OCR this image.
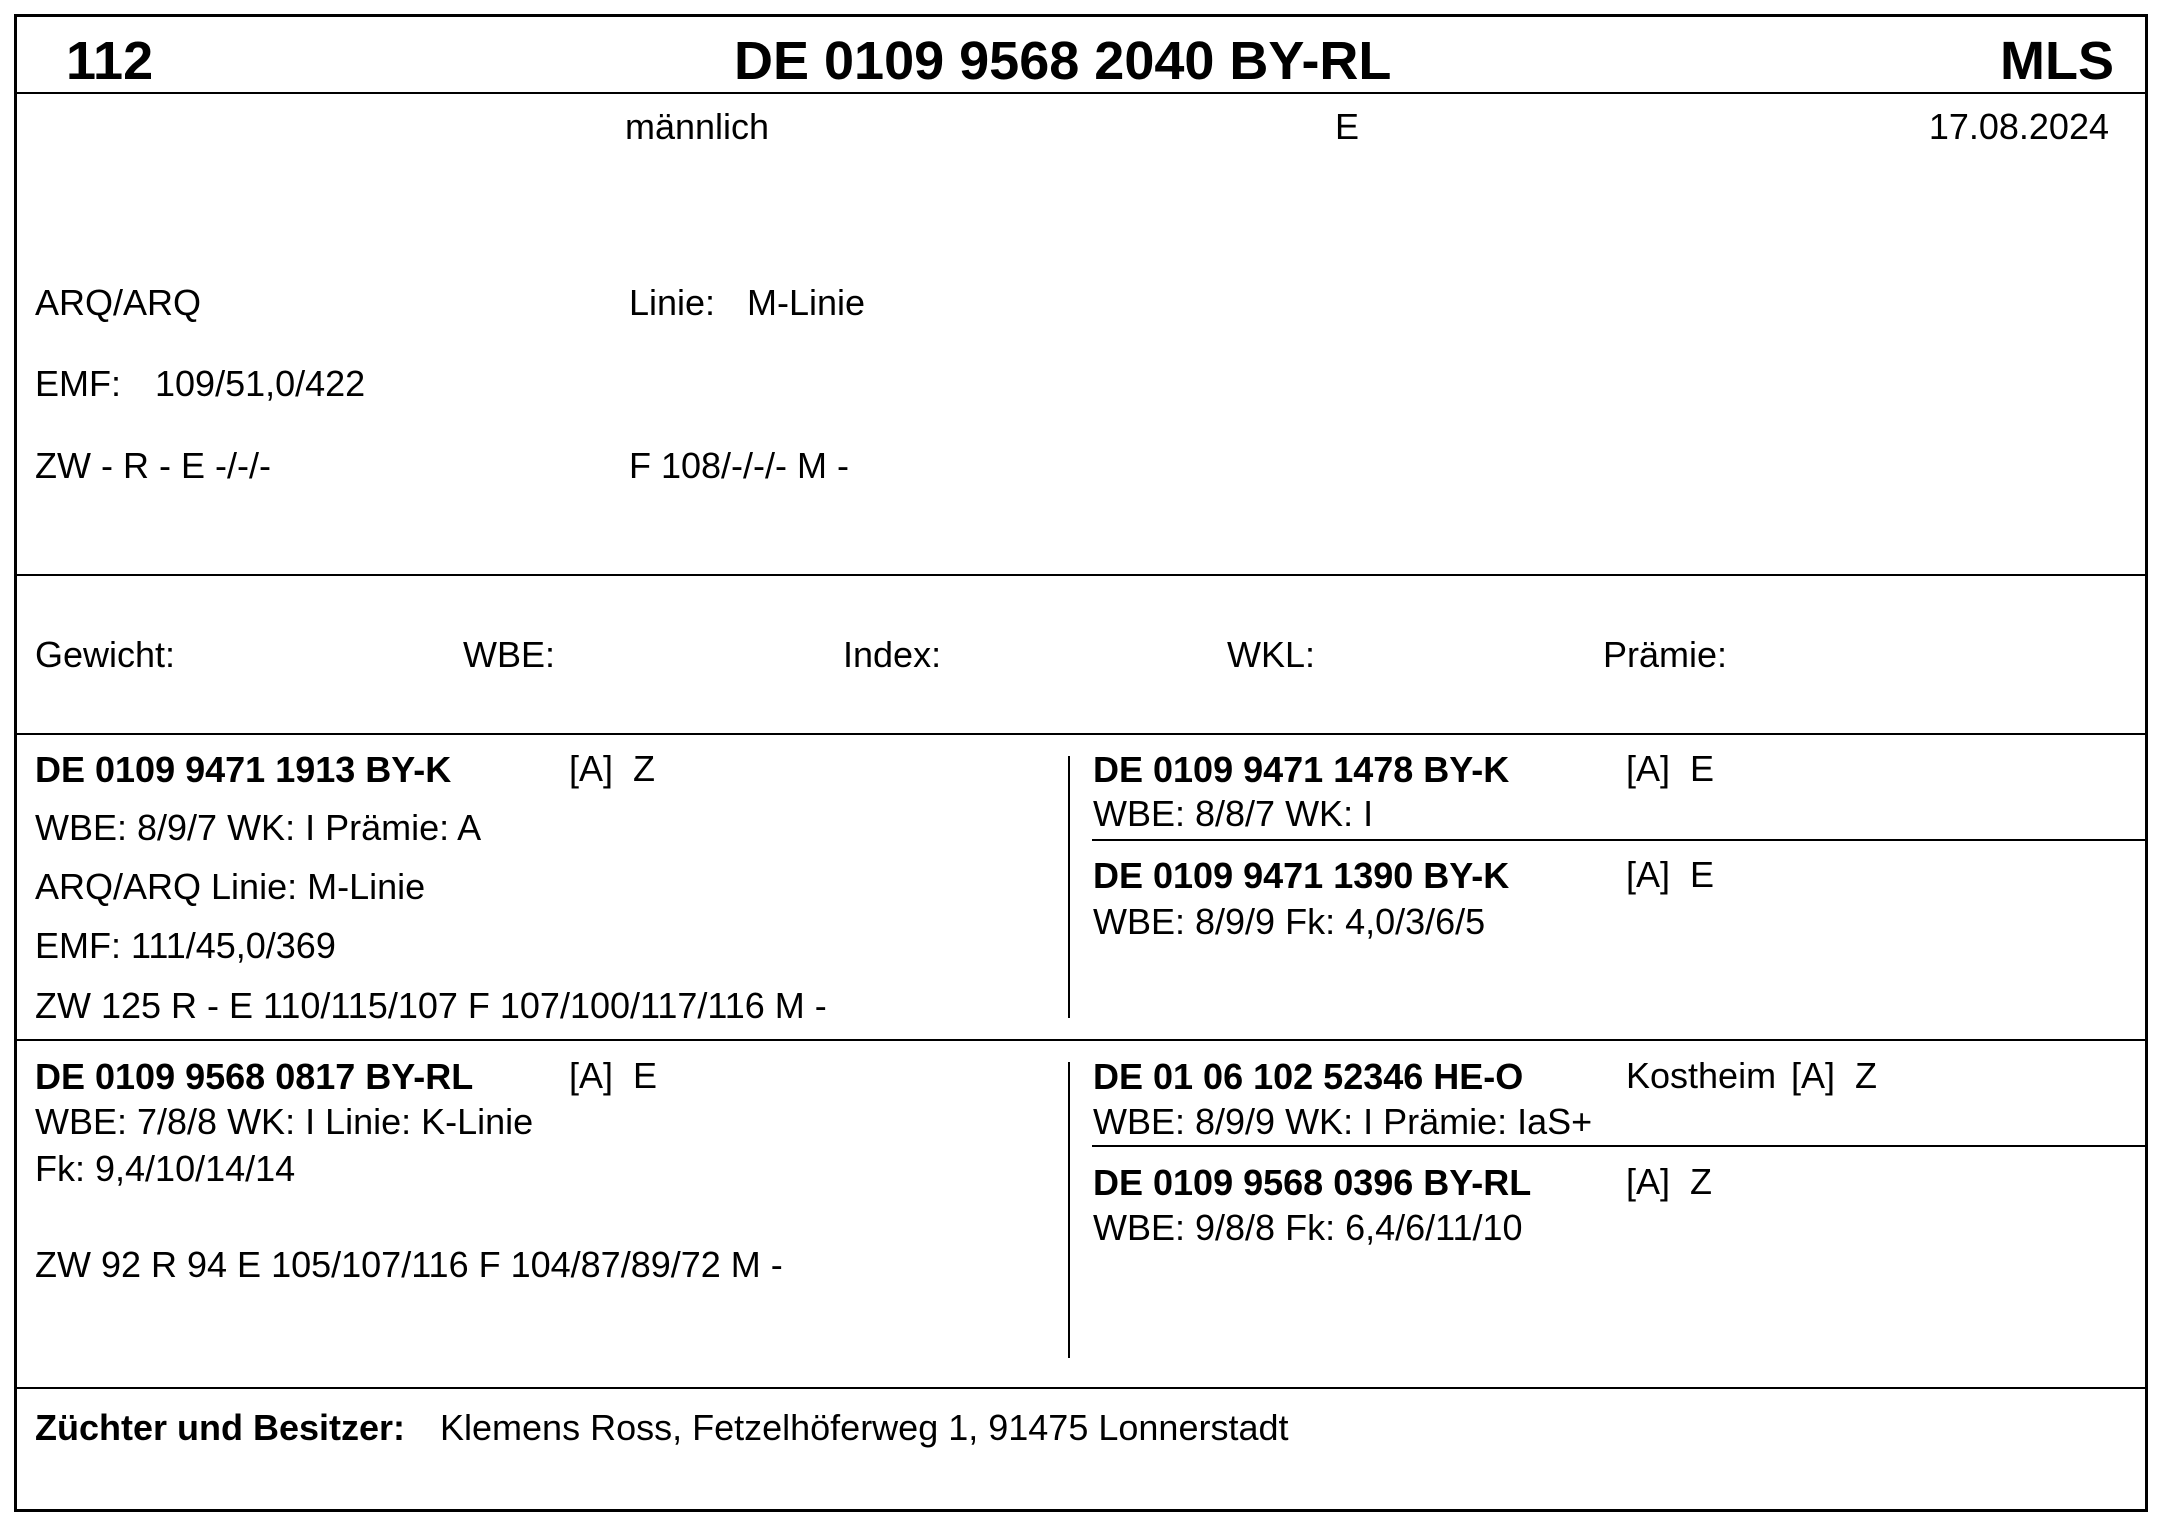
112	DE 0109 9568 2040 BY-RL	MLS
männlich	E	17.08.2024
ARQ/ARQ	Linie: M-Linie
EMF: 109/51,0/422
ZW - R - E -/-/-	F 108/-/-/- M -
Gewicht:	WBE:	Index:	WKL:	Prämie:
DE 0109 9471 1913 BY-K	[A] Z
WBE: 8/9/7 WK: I Prämie: A
ARQ/ARQ Linie: M-Linie
EMF: 111/45,0/369
ZW 125 R - E 110/115/107 F 107/100/117/116 M -
DE 0109 9471 1478 BY-K	[A] E
WBE: 8/8/7 WK: I
DE 0109 9471 1390 BY-K	[A] E
WBE: 8/9/9 Fk: 4,0/3/6/5
DE 0109 9568 0817 BY-RL	[A] E
WBE: 7/8/8 WK: I Linie: K-Linie
Fk: 9,4/10/14/14
ZW 92 R 94 E 105/107/116 F 104/87/89/72 M -
DE 01 06 102 52346 HE-O	Kostheim [A] Z
WBE: 8/9/9 WK: I Prämie: IaS+
DE 0109 9568 0396 BY-RL	[A] Z
WBE: 9/8/8 Fk: 6,4/6/11/10
Züchter und Besitzer: Klemens Ross, Fetzelhöferweg 1, 91475 Lonnerstadt
